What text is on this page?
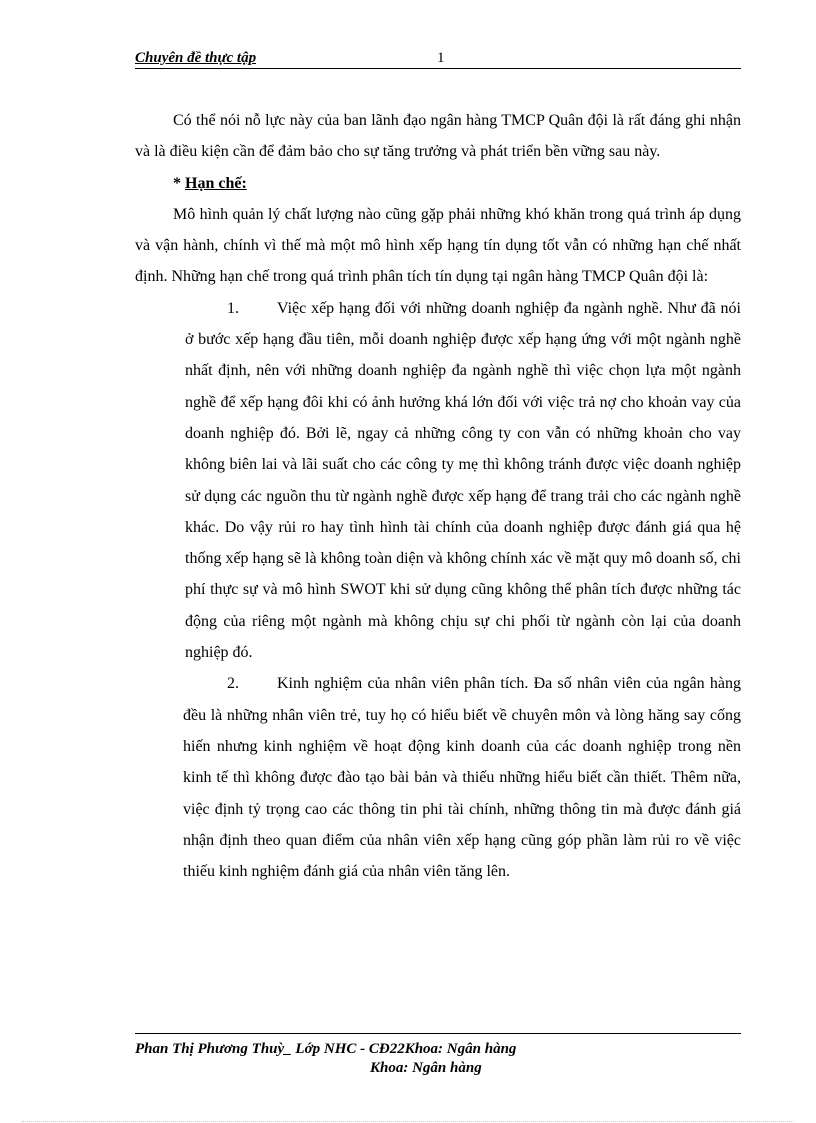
Chuyên đề thực tập	1

Có thể nói nỗ lực này của ban lãnh đạo ngân hàng TMCP Quân đội là rất đáng ghi nhận và là điều kiện cần để đảm bảo cho sự tăng trưởng và phát triển bền vững sau này.

* Hạn chế:

Mô hình quản lý chất lượng nào cũng gặp phải những khó khăn trong quá trình áp dụng và vận hành, chính vì thế mà một mô hình xếp hạng tín dụng tốt vẫn có những hạn chế nhất định. Những hạn chế trong quá trình phân tích tín dụng tại ngân hàng TMCP Quân đội là:

1. Việc xếp hạng đối với những doanh nghiệp đa ngành nghề. Như đã nói ở bước xếp hạng đầu tiên, mỗi doanh nghiệp được xếp hạng ứng với một ngành nghề nhất định, nên với những doanh nghiệp đa ngành nghề thì việc chọn lựa một ngành nghề để xếp hạng đôi khi có ảnh hưởng khá lớn đối với việc trả nợ cho khoản vay của doanh nghiệp đó. Bởi lẽ, ngay cả những công ty con vẫn có những khoản cho vay không biên lai và lãi suất cho các công ty mẹ thì không tránh được việc doanh nghiệp sử dụng các nguồn thu từ ngành nghề được xếp hạng để trang trải cho các ngành nghề khác. Do vậy rủi ro hay tình hình tài chính của doanh nghiệp được đánh giá qua hệ thống xếp hạng sẽ là không toàn diện và không chính xác về mặt quy mô doanh số, chi phí thực sự và mô hình SWOT khi sử dụng cũng không thể phân tích được những tác động của riêng một ngành mà không chịu sự chi phối từ ngành còn lại của doanh nghiệp đó.

2. Kinh nghiệm của nhân viên phân tích. Đa số nhân viên của ngân hàng đều là những nhân viên trẻ, tuy họ có hiểu biết về chuyên môn và lòng hăng say cống hiến nhưng kinh nghiệm về hoạt động kinh doanh của các doanh nghiệp trong nền kinh tế thì không được đào tạo bài bản và thiếu những hiểu biết cần thiết. Thêm nữa, việc định tỷ trọng cao các thông tin phi tài chính, những thông tin mà được đánh giá nhận định theo quan điểm của nhân viên xếp hạng cũng góp phần làm rủi ro về việc thiếu kinh nghiệm đánh giá của nhân viên tăng lên.

Phan Thị Phương Thuỳ_ Lớp NHC - CĐ22Khoa: Ngân hàng
Khoa: Ngân hàng
